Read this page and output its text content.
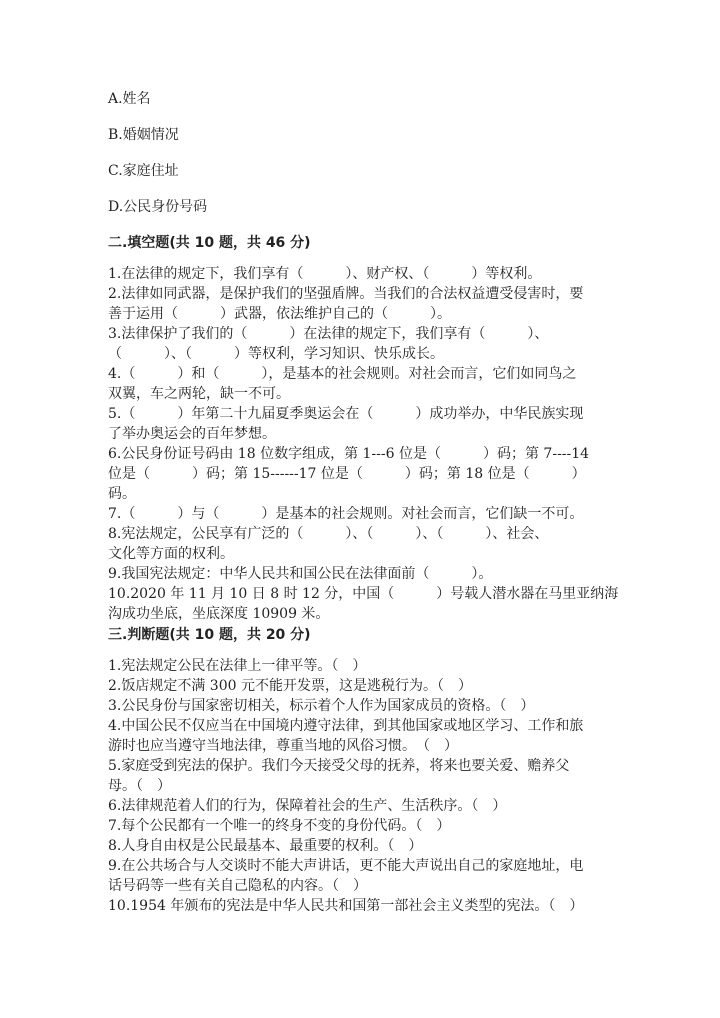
A.姓名
B.婚姻情况
C.家庭住址
D.公民身份号码
二.填空题(共 10 题，共 46 分)
1.在法律的规定下，我们享有（　　　）、财产权、（　　　）等权利。
2.法律如同武器，是保护我们的坚强盾牌。当我们的合法权益遭受侵害时，要
善于运用（　　　）武器，依法维护自己的（　　　）。
3.法律保护了我们的（　　　）在法律的规定下，我们享有（　　　）、
（　　　）、（　　　）等权利，学习知识、快乐成长。
4.（　　　）和（　　　），是基本的社会规则。对社会而言，它们如同鸟之
双翼，车之两轮，缺一不可。
5.（　　　）年第二十九届夏季奥运会在（　　　）成功举办，中华民族实现
了举办奥运会的百年梦想。
6.公民身份证号码由 18 位数字组成，第 1---6 位是（　　　）码；第 7----14
位是（　　　）码；第 15------17 位是（　　　）码；第 18 位是（　　　）
码。
7.（　　　）与（　　　）是基本的社会规则。对社会而言，它们缺一不可。
8.宪法规定，公民享有广泛的（　　　）、（　　　）、（　　　）、社会、
文化等方面的权利。
9.我国宪法规定：中华人民共和国公民在法律面前（　　　）。
10.2020 年 11 月 10 日 8 时 12 分，中国（　　　）号载人潜水器在马里亚纳海
沟成功坐底，坐底深度 10909 米。
三.判断题(共 10 题，共 20 分)
1.宪法规定公民在法律上一律平等。（　）
2.饭店规定不满 300 元不能开发票，这是逃税行为。（　）
3.公民身份与国家密切相关，标示着个人作为国家成员的资格。（　）
4.中国公民不仅应当在中国境内遵守法律，到其他国家或地区学习、工作和旅
游时也应当遵守当地法律，尊重当地的风俗习惯。　（　）
5.家庭受到宪法的保护。我们今天接受父母的抚养，将来也要关爱、赡养父
母。（　）
6.法律规范着人们的行为，保障着社会的生产、生活秩序。（　）
7.每个公民都有一个唯一的终身不变的身份代码。（　）
8.人身自由权是公民最基本、最重要的权利。（　）
9.在公共场合与人交谈时不能大声讲话，更不能大声说出自己的家庭地址，电
话号码等一些有关自己隐私的内容。（　）
10.1954 年颁布的宪法是中华人民共和国第一部社会主义类型的宪法。（　）
